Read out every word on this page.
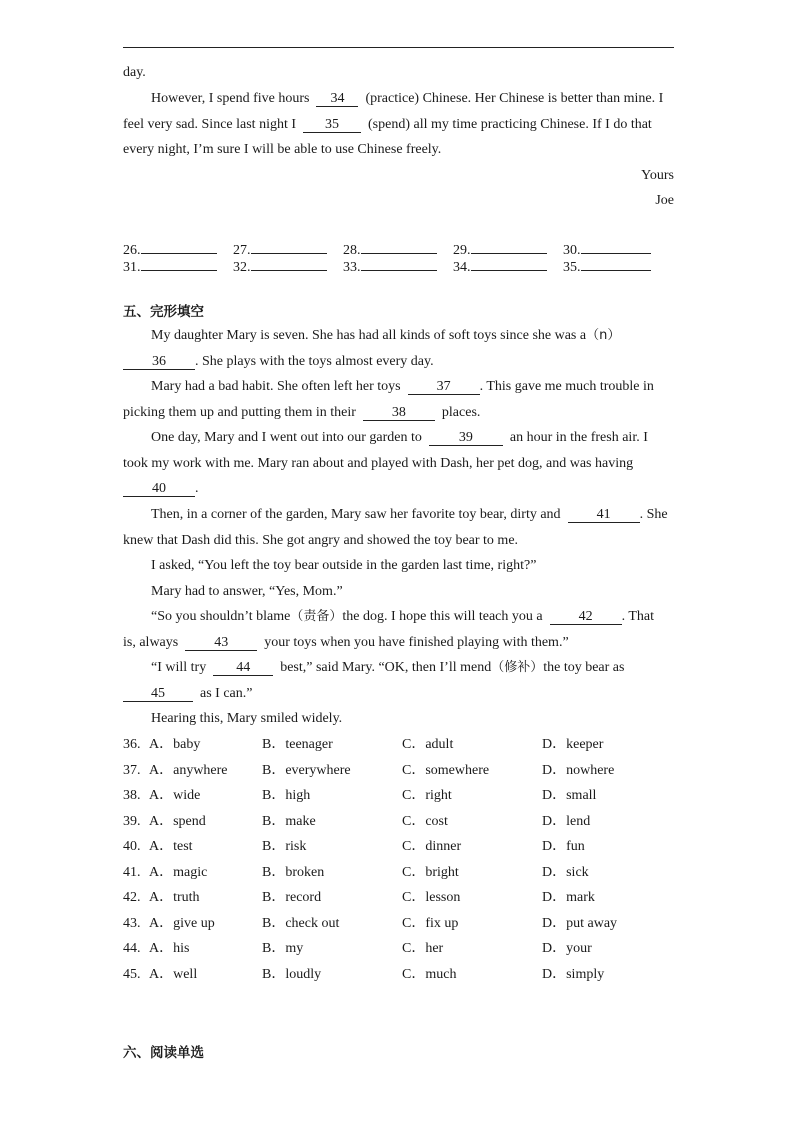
day.
However, I spend five hours 34 (practice) Chinese. Her Chinese is better than mine. I
feel very sad. Since last night I 35 (spend) all my time practicing Chinese. If I do that
every night, I’m sure I will be able to use Chinese freely.
Yours
Joe
26.	27.	28.	29.	30.
31.	32.	33.	34.	35.
五、完形填空
My daughter Mary is seven. She has had all kinds of soft toys since she was a（n）
36 . She plays with the toys almost every day.
Mary had a bad habit. She often left her toys	37 . This gave me much trouble in
picking them up and putting them in their	38	places.
One day, Mary and I went out into our garden to	39	an hour in the fresh air. I
took my work with me. Mary ran about and played with Dash, her pet dog, and was having
40 .
Then, in a corner of the garden, Mary saw her favorite toy bear, dirty and	41 . She
knew that Dash did this. She got angry and showed the toy bear to me.
I asked, “You left the toy bear outside in the garden last time, right?”
Mary had to answer, “Yes, Mom.”
“So you shouldn’t blame（责备）the dog. I hope this will teach you a	42 . That
is, always	43	your toys when you have finished playing with them.”
“I will try 44 best,” said Mary. “OK, then I’ll mend（修补）the toy bear as
45	as I can.”
Hearing this, Mary smiled widely.
36. A．baby	B．teenager	C．adult	D．keeper
37. A．anywhere B．everywhere	C．somewhere	D．nowhere
38. A．wide	B．high	C．right	D．small
39. A．spend	B．make	C．cost	D．lend
40. A．test	B．risk	C．dinner	D．fun
41. A．magic	B．broken	C．bright	D．sick
42. A．truth	B．record	C．lesson	D．mark
43. A．give up	B．check out	C．fix up	D．put away
44. A．his	B．my	C．her	D．your
45. A．well	B．loudly	C．much	D．simply
六、阅读单选
